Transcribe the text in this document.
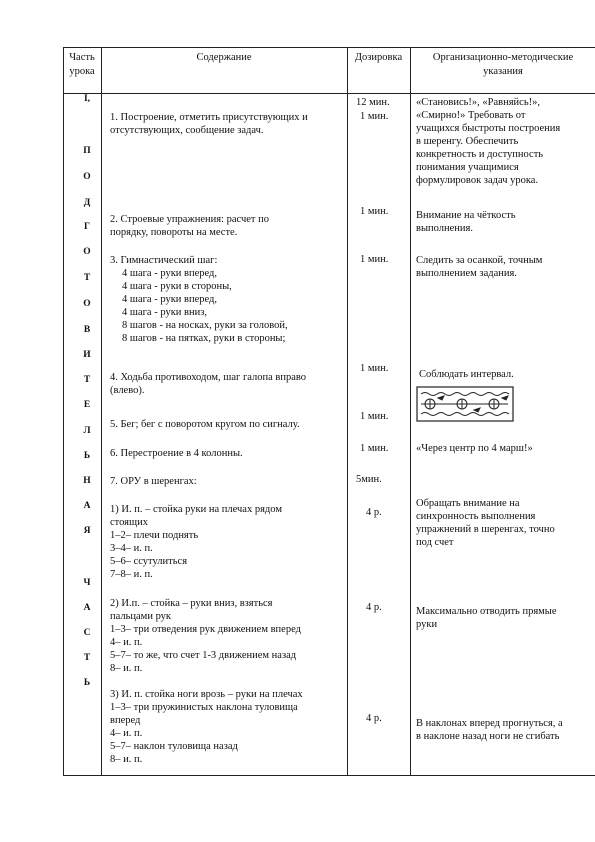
Часть
урока
Содержание	Дозировка	Организационно-методические
указания
I,
П
О
Д
Г
О
Т
О
В
И
Т
Е
Л
Ь
Н
А
Я
Ч
А
С
Т
Ь
12 мин.
1 мин.
1 мин.
1 мин.
1 мин.
1 мин.
1 мин.
5мин.
4 р.
4 р.
4 р.
1. Построение, отметить присутствующих и
отсутствующих, сообщение задач.
2. Строевые упражнения: расчет по
порядку, повороты на месте.
3. Гимнастический шаг:
4 шага - руки вперед,
4 шага - руки в стороны,
4 шага - руки вперед,
4 шага - руки вниз,
8 шагов - на носках, руки за головой,
8 шагов - на пятках, руки в стороны;
4. Ходьба противоходом, шаг галопа вправо
(влево).
5. Бег; бег с поворотом кругом по сигналу.
6. Перестроение в 4 колонны.
7. ОРУ в шеренгах:
1) И. п. – стойка руки на плечах рядом
стоящих
1–2– плечи поднять
3–4– и. п.
5–6– ссутулиться
7–8– и. п.
2) И.п. – стойка – руки вниз, взяться
пальцами рук
1–3– три отведения рук движением вперед
4– и. п.
5–7– то же, что счет 1-3 движением назад
8– и. п.
3) И. п. стойка ноги врозь – руки на плечах
1–3– три пружинистых наклона туловища
вперед
4– и. п.
5–7– наклон туловища назад
8– и. п.
«Становись!», «Равняйсь!»,
«Смирно!» Требовать от
учащихся быстроты построения
в шеренгу. Обеспечить
конкретность и доступность
понимания учащимися
формулировок задач урока.
Внимание на чёткость
выполнения.
Следить за осанкой, точным
выполнением задания.
Соблюдать интервал.
«Через центр по 4 марш!»
Обращать внимание на
синхронность выполнения
упражнений в шеренгах, точно
под счет
Максимально отводить прямые
руки
В наклонах вперед прогнуться, а
в наклоне назад ноги не сгибать
